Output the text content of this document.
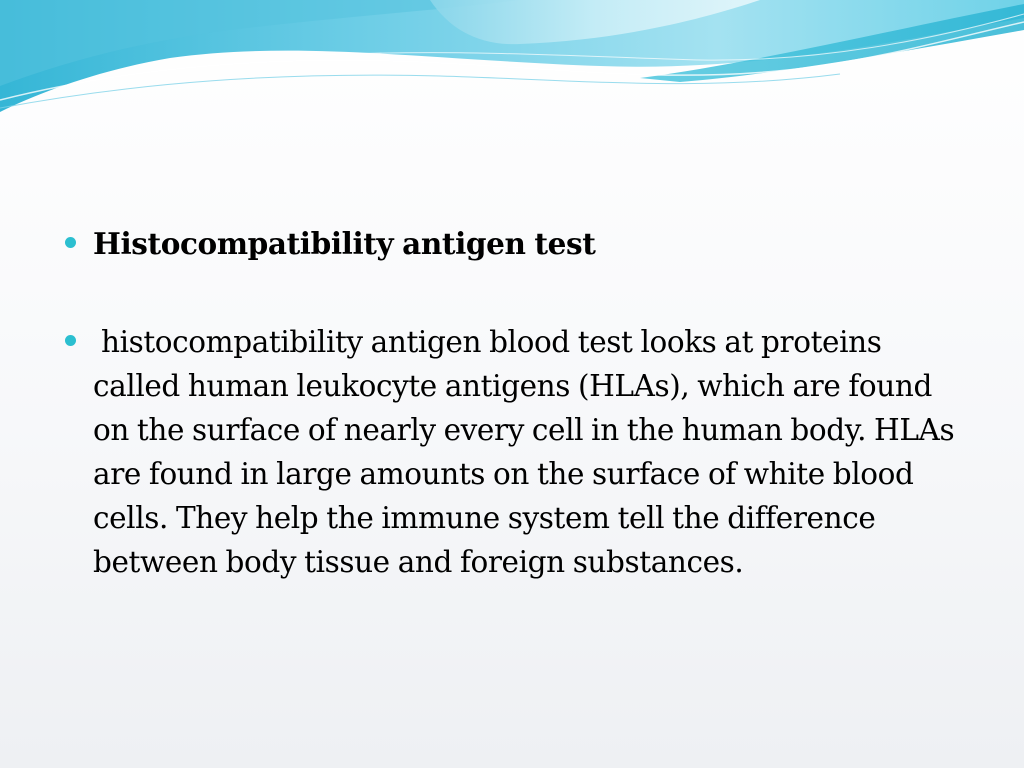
Histocompatibility antigen test
histocompatibility antigen blood test looks at proteins called human leukocyte antigens (HLAs), which are found on the surface of nearly every cell in the human body. HLAs are found in large amounts on the surface of white blood cells. They help the immune system tell the difference between body tissue and foreign substances.
